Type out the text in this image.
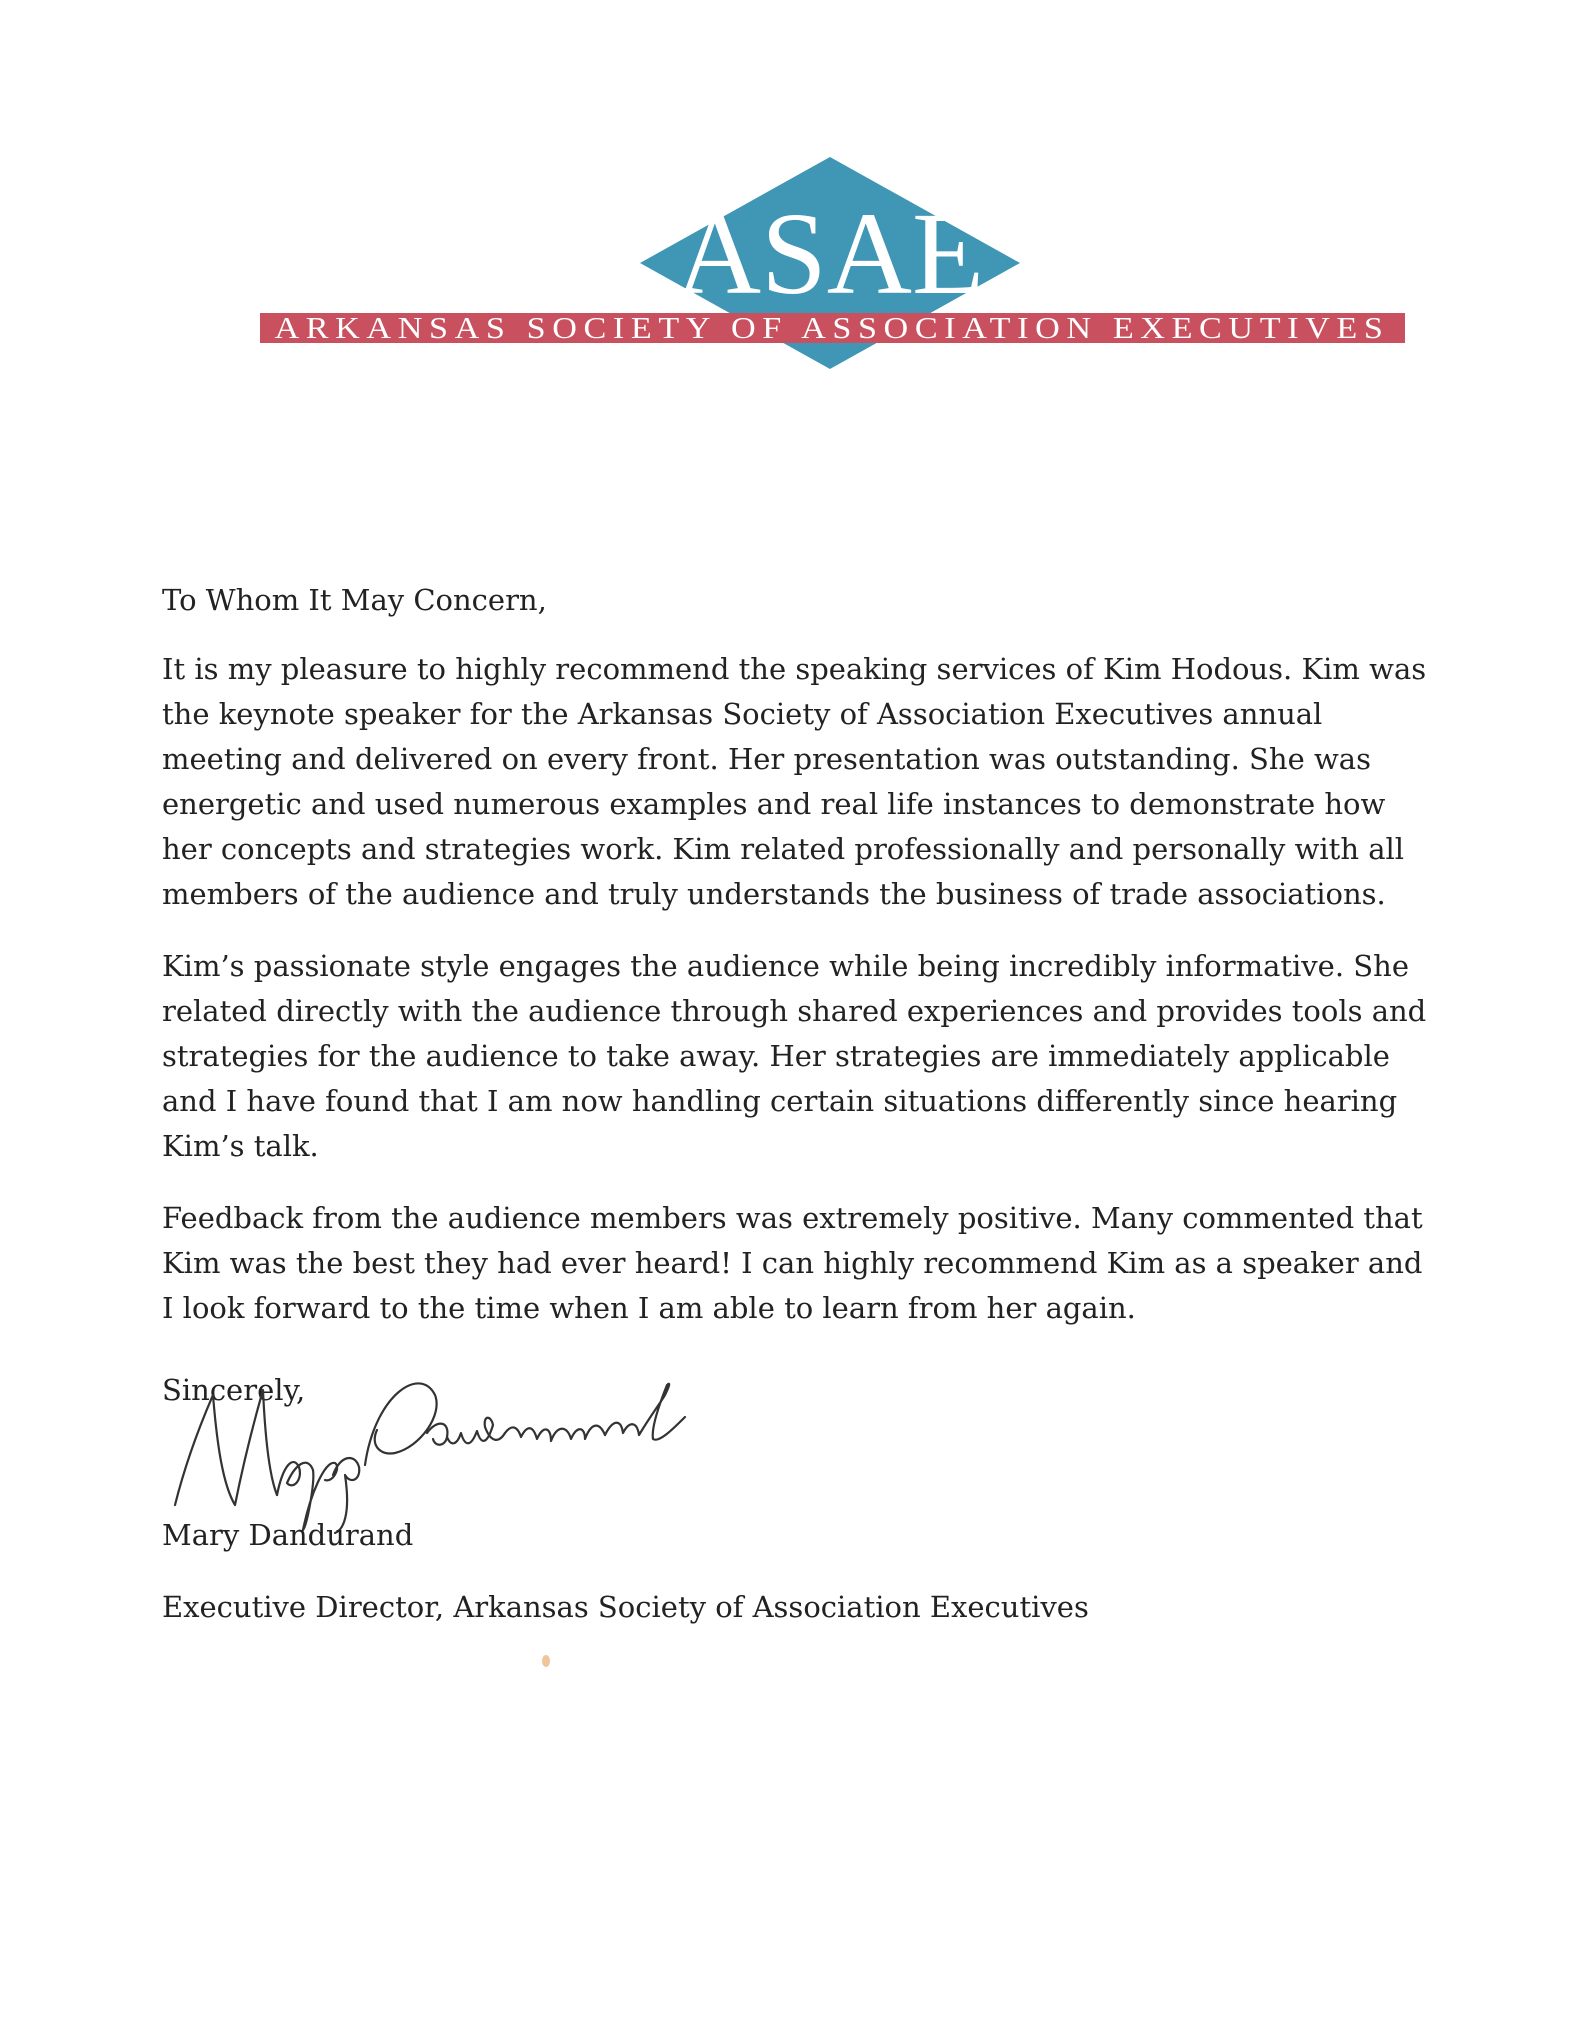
ASAE
ARKANSAS SOCIETY OF ASSOCIATION EXECUTIVES

To Whom It May Concern,

It is my pleasure to highly recommend the speaking services of Kim Hodous. Kim was the keynote speaker for the Arkansas Society of Association Executives annual meeting and delivered on every front. Her presentation was outstanding. She was energetic and used numerous examples and real life instances to demonstrate how her concepts and strategies work. Kim related professionally and personally with all members of the audience and truly understands the business of trade associations.

Kim’s passionate style engages the audience while being incredibly informative. She related directly with the audience through shared experiences and provides tools and strategies for the audience to take away. Her strategies are immediately applicable and I have found that I am now handling certain situations differently since hearing Kim’s talk.

Feedback from the audience members was extremely positive. Many commented that Kim was the best they had ever heard! I can highly recommend Kim as a speaker and I look forward to the time when I am able to learn from her again.

Sincerely,
Mary Dandurand
Executive Director, Arkansas Society of Association Executives
